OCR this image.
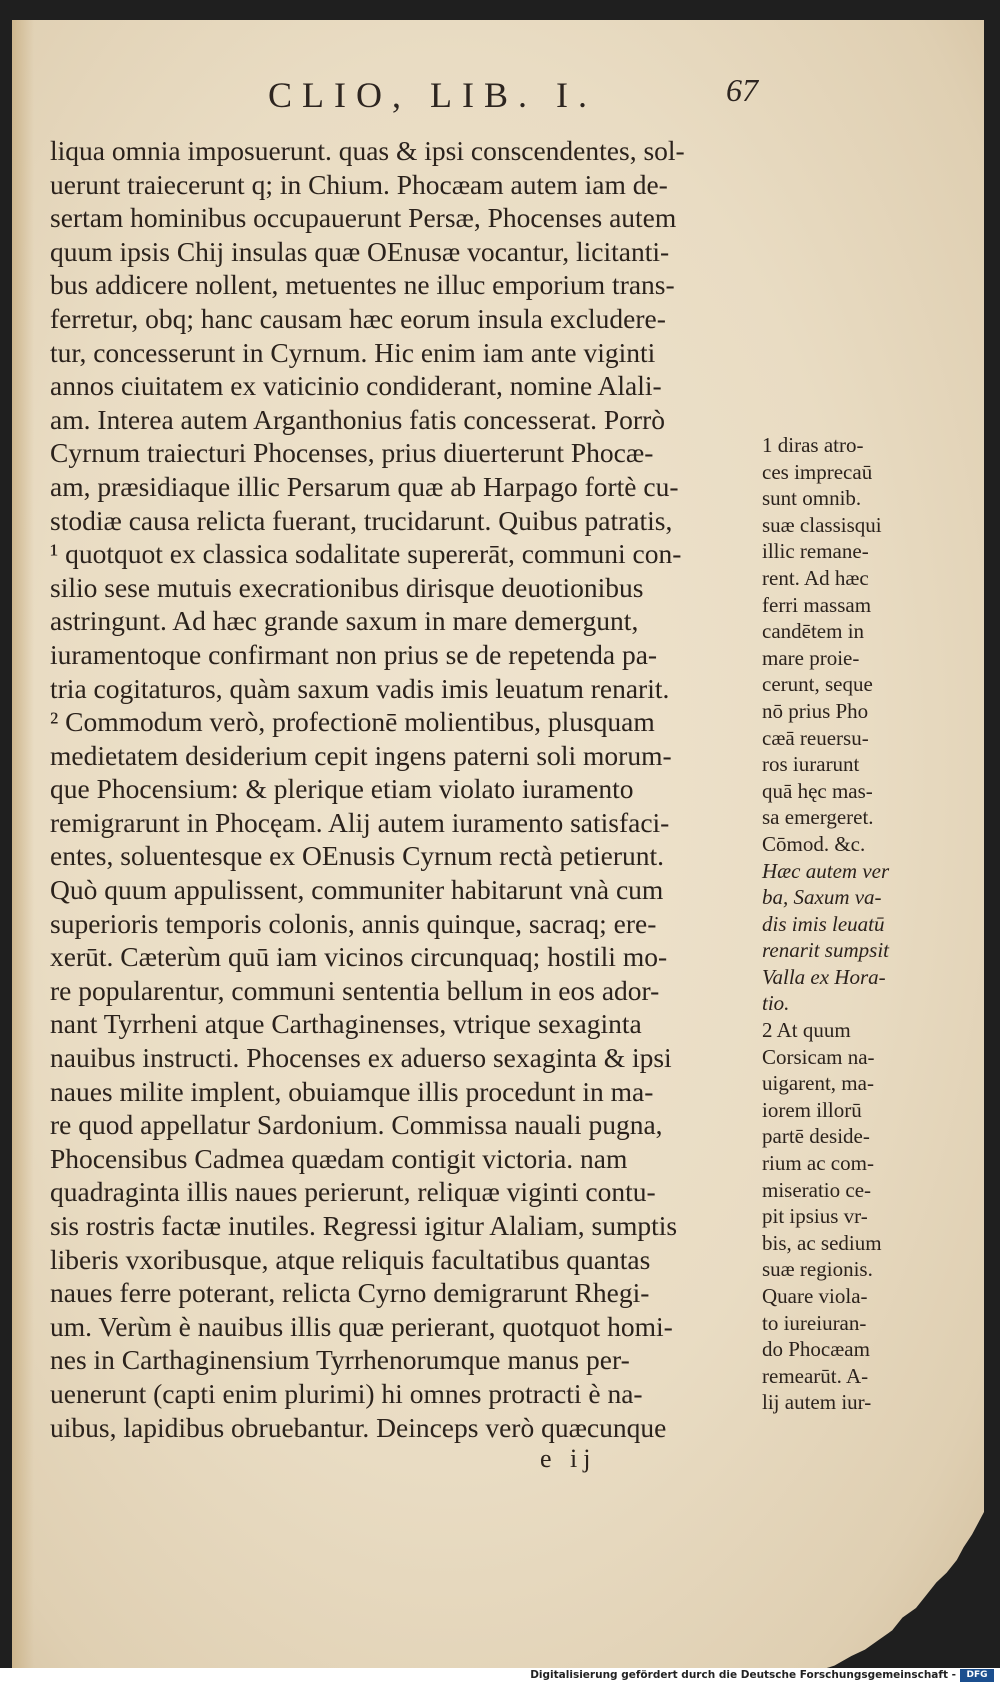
CLIO, LIB. I.	67
liqua omnia imposuerunt. quas & ipsi conscendentes, sol-
uerunt traiecerunt q; in Chium. Phocæam autem iam de-
sertam hominibus occupauerunt Persæ, Phocenses autem
quum ipsis Chij insulas quæ OEnusæ vocantur, licitanti-
bus addicere nollent, metuentes ne illuc emporium trans-
ferretur, obq; hanc causam hæc eorum insula excludere-
tur, concesserunt in Cyrnum. Hic enim iam ante viginti
annos ciuitatem ex vaticinio condiderant, nomine Alali-
am. Interea autem Arganthonius fatis concesserat. Porrò
Cyrnum traiecturi Phocenses, prius diuerterunt Phocæ-
am, præsidiaque illic Persarum quæ ab Harpago fortè cu-
stodiæ causa relicta fuerant, trucidarunt. Quibus patratis,
¹ quotquot ex classica sodalitate supererāt, communi con-
silio sese mutuis execrationibus dirisque deuotionibus
astringunt. Ad hæc grande saxum in mare demergunt,
iuramentoque confirmant non prius se de repetenda pa-
tria cogitaturos, quàm saxum vadis imis leuatum renarit.
² Commodum verò, profectionē molientibus, plusquam
medietatem desiderium cepit ingens paterni soli morum-
que Phocensium: & plerique etiam violato iuramento
remigrarunt in Phocęam. Alij autem iuramento satisfaci-
entes, soluentesque ex OEnusis Cyrnum rectà petierunt.
Quò quum appulissent, communiter habitarunt vnà cum
superioris temporis colonis, annis quinque, sacraq; ere-
xerūt. Cæterùm quū iam vicinos circunquaq; hostili mo-
re popularentur, communi sententia bellum in eos ador-
nant Tyrrheni atque Carthaginenses, vtrique sexaginta
nauibus instructi. Phocenses ex aduerso sexaginta & ipsi
naues milite implent, obuiamque illis procedunt in ma-
re quod appellatur Sardonium. Commissa nauali pugna,
Phocensibus Cadmea quædam contigit victoria. nam
quadraginta illis naues perierunt, reliquæ viginti contu-
sis rostris factæ inutiles. Regressi igitur Alaliam, sumptis
liberis vxoribusque, atque reliquis facultatibus quantas
naues ferre poterant, relicta Cyrno demigrarunt Rhegi-
um. Verùm è nauibus illis quæ perierant, quotquot homi-
nes in Carthaginensium Tyrrhenorumque manus per-
uenerunt (capti enim plurimi) hi omnes protracti è na-
uibus, lapidibus obruebantur. Deinceps verò quæcunque
1 diras atro-
ces imprecaū
sunt omnib.
suæ classisqui
illic remane-
rent. Ad hæc
ferri massam
candētem in
mare proie-
cerunt, seque
nō prius Pho
cæā reuersu-
ros iurarunt
quā hęc mas-
sa emergeret.
Cōmod. &c.
Hæc autem ver
ba, Saxum va-
dis imis leuatū
renarit sumpsit
Valla ex Hora-
tio.
2 At quum
Corsicam na-
uigarent, ma-
iorem illorū
partē deside-
rium ac com-
miseratio ce-
pit ipsius vr-
bis, ac sedium
suæ regionis.
Quare viola-
to iureiuran-
do Phocæam
remearūt. A-
lij autem iur-
e ij
Digitalisierung gefördert durch die Deutsche Forschungsgemeinschaft -	DFG
